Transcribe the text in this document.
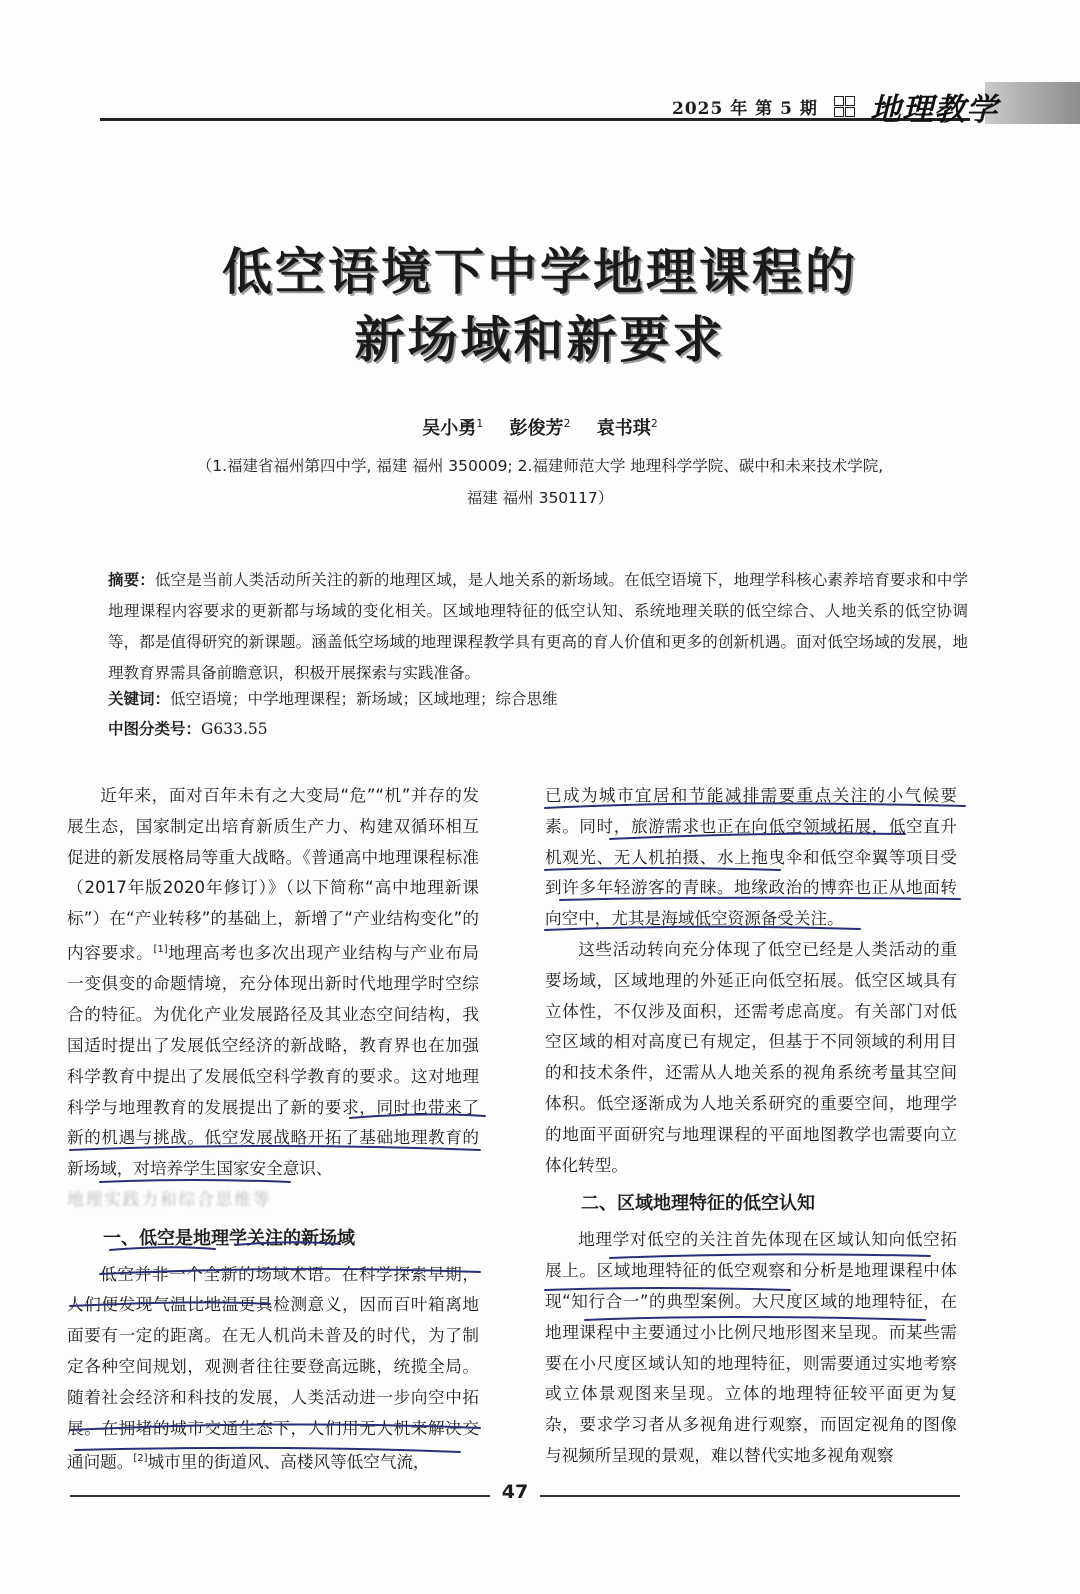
2025 年 第 5 期 地理教学
低空语境下中学地理课程的
新场域和新要求
吴小勇$^1$ 彭俊芳$^2$ 袁书琪$^2$
（1.福建省福州第四中学, 福建 福州 350009; 2.福建师范大学 地理科学学院、碳中和未来技术学院,
福建 福州 350117）
摘要：低空是当前人类活动所关注的新的地理区域，是人地关系的新场域。在低空语境下，地理学科核心素养培育要求和中学地理课程内容要求的更新都与场域的变化相关。区域地理特征的低空认知、系统地理关联的低空综合、人地关系的低空协调等，都是值得研究的新课题。涵盖低空场域的地理课程教学具有更高的育人价值和更多的创新机遇。面对低空场域的发展，地理教育界需具备前瞻意识，积极开展探索与实践准备。
关键词：低空语境；中学地理课程；新场域；区域地理；综合思维
中图分类号：G633.55

近年来，面对百年未有之大变局“危”“机”并存的发展生态，国家制定出培育新质生产力、构建双循环相互促进的新发展格局等重大战略。《普通高中地理课程标准（2017年版2020年修订）》（以下简称“高中地理新课标”）在“产业转移”的基础上，新增了“产业结构变化”的内容要求。[1]地理高考也多次出现产业结构与产业布局一变俱变的命题情境，充分体现出新时代地理学时空综合的特征。为优化产业发展路径及其业态空间结构，我国适时提出了发展低空经济的新战略，教育界也在加强科学教育中提出了发展低空科学教育的要求。这对地理科学与地理教育的发展提出了新的要求，同时也带来了新的机遇与挑战。低空发展战略开拓了基础地理教育的新场域，对培养学生国家安全意识、

地理实践力和综合思维等

一、低空是地理学关注的新场域

低空并非一个全新的场域术语。在科学探索早期，人们便发现气温比地温更具检测意义，因而百叶箱离地面要有一定的距离。在无人机尚未普及的时代，为了制定各种空间规划，观测者往往要登高远眺，统揽全局。随着社会经济和科技的发展，人类活动进一步向空中拓展。在拥堵的城市交通生态下，人们用无人机来解决交通问题。[2]城市里的街道风、高楼风等低空气流，

已成为城市宜居和节能减排需要重点关注的小气候要素。同时，旅游需求也正在向低空领域拓展，低空直升机观光、无人机拍摄、水上拖曳伞和低空伞翼等项目受到许多年轻游客的青睐。地缘政治的博弈也正从地面转向空中，尤其是海域低空资源备受关注。

这些活动转向充分体现了低空已经是人类活动的重要场域，区域地理的外延正向低空拓展。低空区域具有立体性，不仅涉及面积，还需考虑高度。有关部门对低空区域的相对高度已有规定，但基于不同领域的利用目的和技术条件，还需从人地关系的视角系统考量其空间体积。低空逐渐成为人地关系研究的重要空间，地理学的地面平面研究与地理课程的平面地图教学也需要向立体化转型。

二、区域地理特征的低空认知

地理学对低空的关注首先体现在区域认知向低空拓展上。区域地理特征的低空观察和分析是地理课程中体现“知行合一”的典型案例。大尺度区域的地理特征，在地理课程中主要通过小比例尺地形图来呈现。而某些需要在小尺度区域认知的地理特征，则需要通过实地考察或立体景观图来呈现。立体的地理特征较平面更为复杂，要求学习者从多视角进行观察，而固定视角的图像与视频所呈现的景观，难以替代实地多视角观察

47
